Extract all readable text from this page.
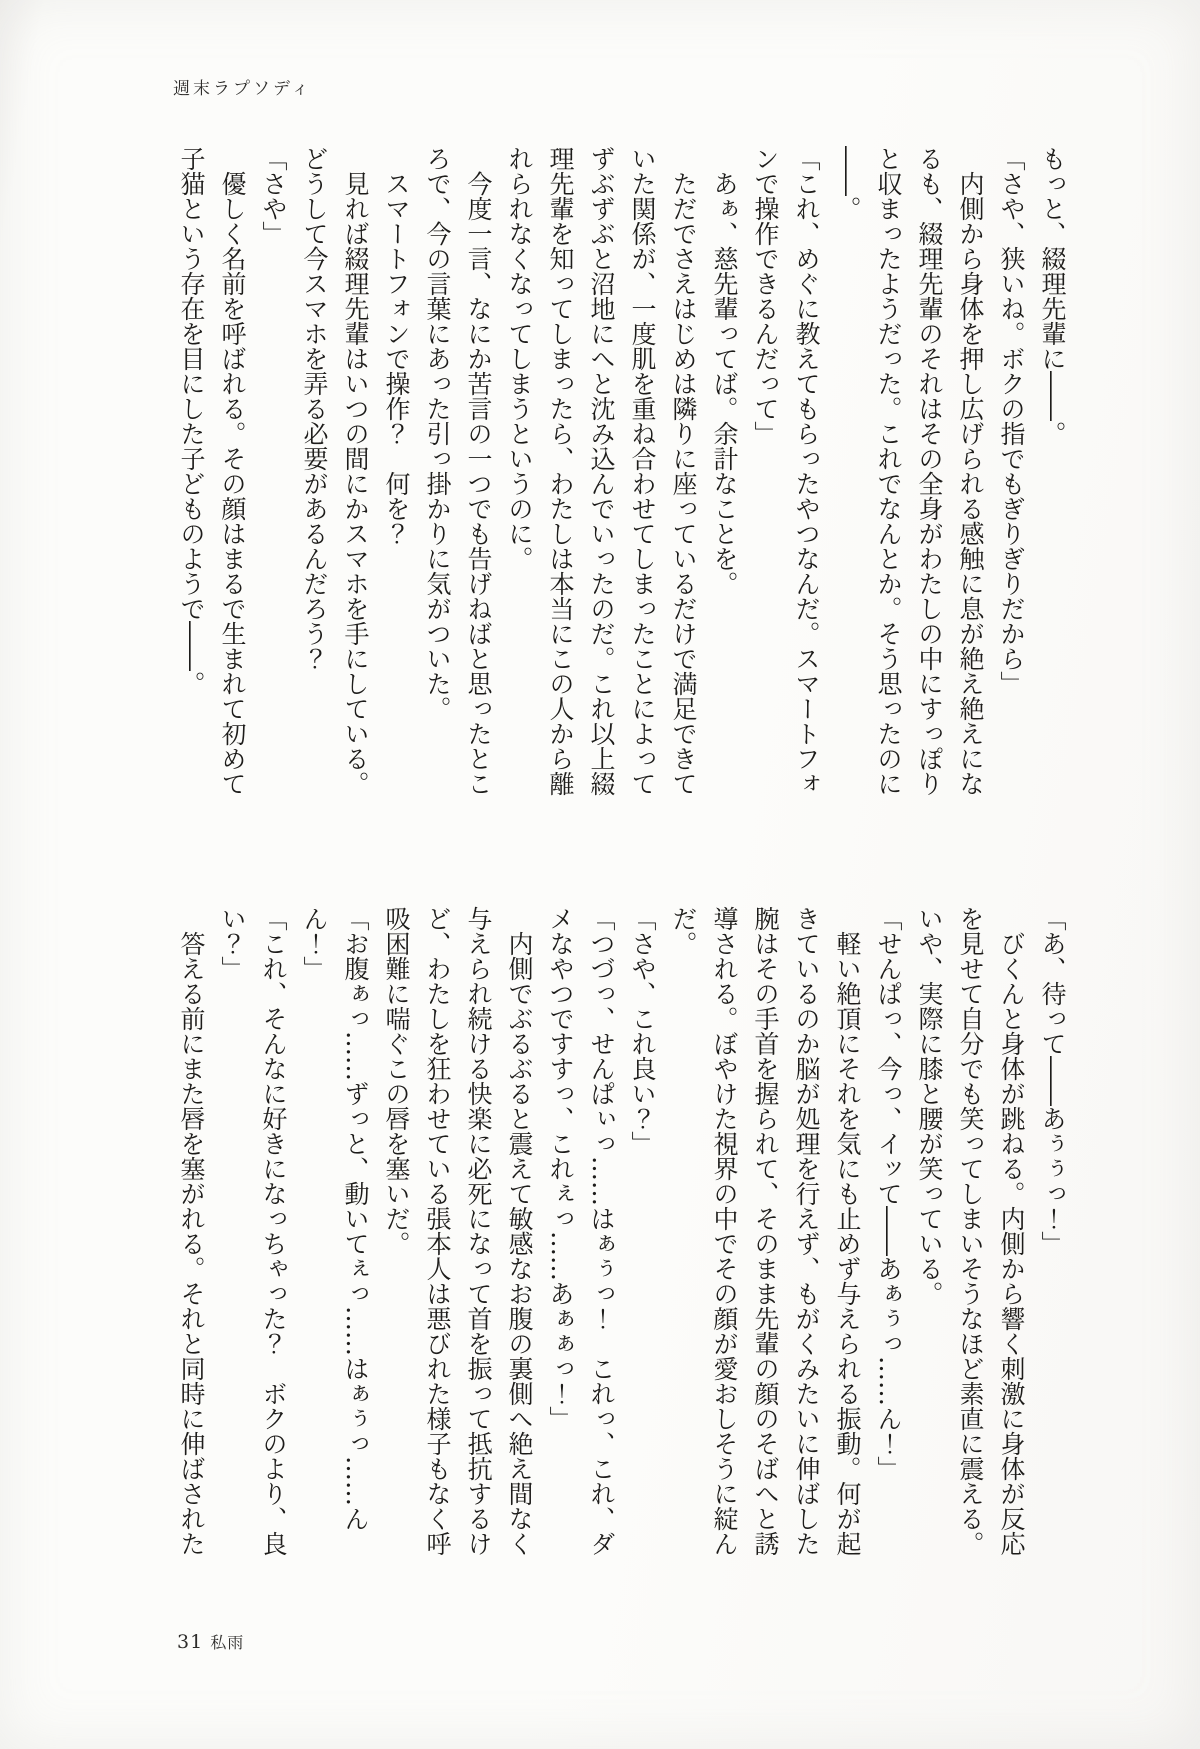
週末ラプソディ
もっと、綴理先輩に――。
「さや、狭いね。ボクの指でもぎりぎりだから」
　内側から身体を押し広げられる感触に息が絶え絶えにな
るも、綴理先輩のそれはその全身がわたしの中にすっぽり
と収まったようだった。これでなんとか。そう思ったのに
――。
「これ、めぐに教えてもらったやつなんだ。スマートフォ
ンで操作できるんだって」
　あぁ、慈先輩ってば。余計なことを。
　ただでさえはじめは隣りに座っているだけで満足できて
いた関係が、一度肌を重ね合わせてしまったことによって
ずぶずぶと沼地にへと沈み込んでいったのだ。これ以上綴
理先輩を知ってしまったら、わたしは本当にこの人から離
れられなくなってしまうというのに。
　今度一言、なにか苦言の一つでも告げねばと思ったとこ
ろで、今の言葉にあった引っ掛かりに気がついた。
　スマートフォンで操作？　何を？
　見れば綴理先輩はいつの間にかスマホを手にしている。
どうして今スマホを弄る必要があるんだろう？
「さや」
　優しく名前を呼ばれる。その顔はまるで生まれて初めて
子猫という存在を目にした子どものようで――。
「あ、待って――あぅぅっ！」
　びくんと身体が跳ねる。内側から響く刺激に身体が反応
を見せて自分でも笑ってしまいそうなほど素直に震える。
いや、実際に膝と腰が笑っている。
「せんぱっ、今っ、イッて――あぁぅっ……ん！」
　軽い絶頂にそれを気にも止めず与えられる振動。何が起
きているのか脳が処理を行えず、もがくみたいに伸ばした
腕はその手首を握られて、そのまま先輩の顔のそばへと誘
導される。ぼやけた視界の中でその顔が愛おしそうに綻ん
だ。
「さや、これ良い？」
「つづっ、せんぱぃっ……はぁぅっ！　これっ、これ、ダ
メなやつですすっ、これぇっ……あぁぁっ！」
　内側でぶるぶると震えて敏感なお腹の裏側へ絶え間なく
与えられ続ける快楽に必死になって首を振って抵抗するけ
ど、わたしを狂わせている張本人は悪びれた様子もなく呼
吸困難に喘ぐこの唇を塞いだ。
「お腹ぁっ……ずっと、動いてぇっ……はぁぅっ……ん
ん！」
「これ、そんなに好きになっちゃった？　ボクのより、良
い？」
　答える前にまた唇を塞がれる。それと同時に伸ばされた
31 私雨
